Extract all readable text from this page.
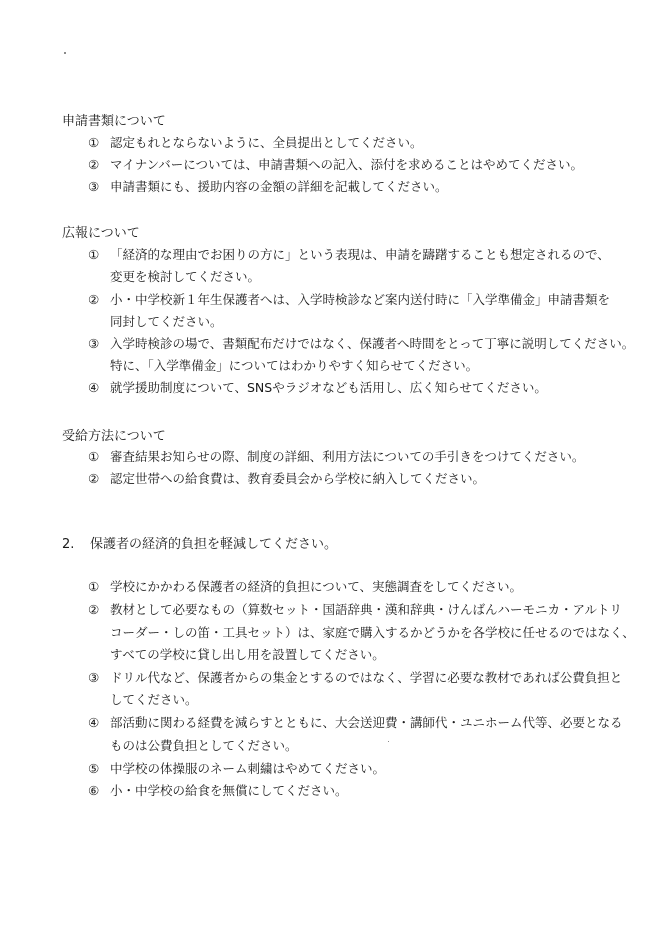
申請書類について
① 認定もれとならないように、全員提出としてください。
② マイナンバーについては、申請書類への記入、添付を求めることはやめてください。
③ 申請書類にも、援助内容の金額の詳細を記載してください。
広報について
① 「経済的な理由でお困りの方に」という表現は、申請を躊躇することも想定されるので、
変更を検討してください。
② 小・中学校新１年生保護者へは、入学時検診など案内送付時に「入学準備金」申請書類を
同封してください。
③ 入学時検診の場で、書類配布だけではなく、保護者へ時間をとって丁寧に説明してください。
特に、「入学準備金」についてはわかりやすく知らせてください。
④ 就学援助制度について、SNSやラジオなども活用し、広く知らせてください。
受給方法について
① 審査結果お知らせの際、制度の詳細、利用方法についての手引きをつけてください。
② 認定世帯への給食費は、教育委員会から学校に納入してください。
2. 保護者の経済的負担を軽減してください。
① 学校にかかわる保護者の経済的負担について、実態調査をしてください。
② 教材として必要なもの（算数セット・国語辞典・漢和辞典・けんばんハーモニカ・アルトリ
コーダー・しの笛・工具セット）は、家庭で購入するかどうかを各学校に任せるのではなく、
すべての学校に貸し出し用を設置してください。
③ ドリル代など、保護者からの集金とするのではなく、学習に必要な教材であれば公費負担と
してください。
④ 部活動に関わる経費を減らすとともに、大会送迎費・講師代・ユニホーム代等、必要となる
ものは公費負担としてください。
⑤ 中学校の体操服のネーム刺繍はやめてください。
⑥ 小・中学校の給食を無償にしてください。
